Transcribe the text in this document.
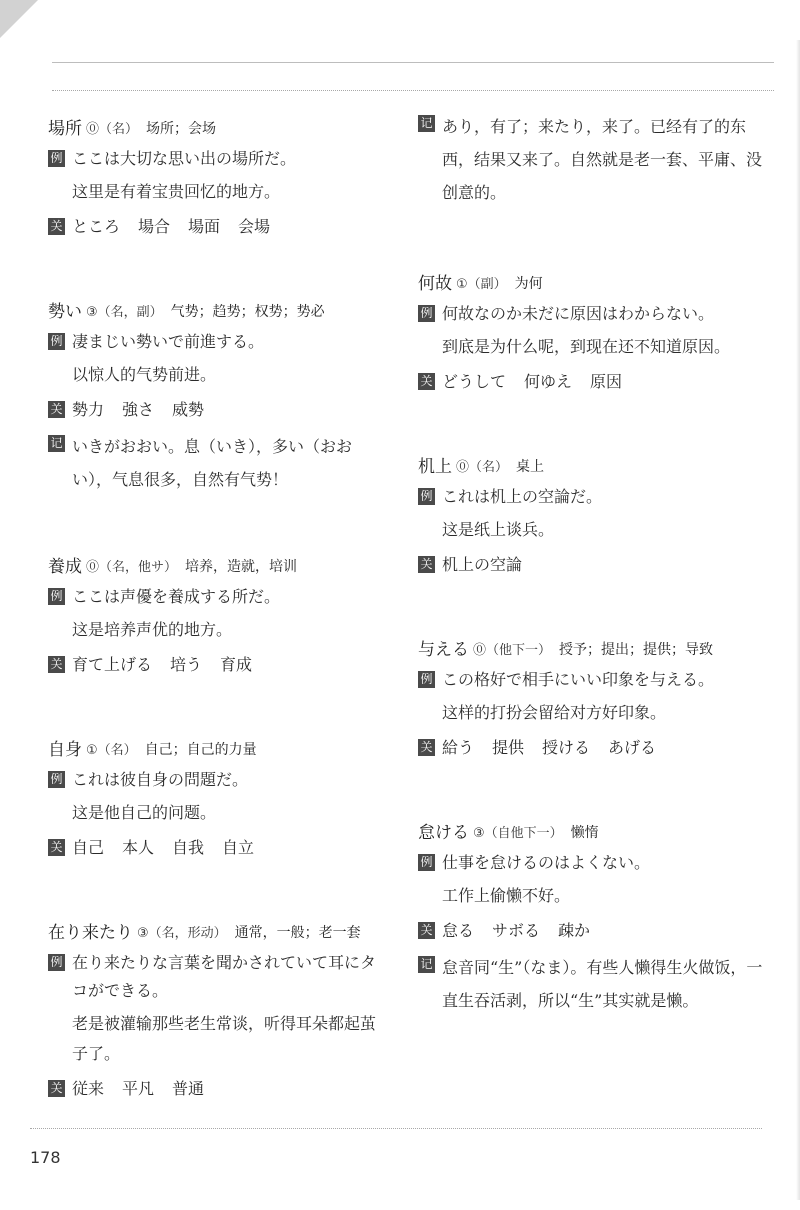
場所 ⓪（名） 场所；会场
例 ここは大切な思い出の場所だ。
这里是有着宝贵回忆的地方。
关 ところ 場合 場面 会場
勢い ③（名，副） 气势；趋势；权势；势必
例 凄まじい勢いで前進する。
以惊人的气势前进。
关 勢力 強さ 威勢
记 いきがおおい。息（いき），多い（おおい），气息很多，自然有气势！
養成 ⓪（名，他サ） 培养，造就，培训
例 ここは声優を養成する所だ。
这是培养声优的地方。
关 育て上げる 培う 育成
自身 ①（名） 自己；自己的力量
例 これは彼自身の問題だ。
这是他自己的问题。
关 自己 本人 自我 自立
在り来たり ③（名，形动） 通常，一般；老一套
例 在り来たりな言葉を聞かされていて耳にタコができる。
老是被灌输那些老生常谈，听得耳朵都起茧子了。
关 従来 平凡 普通
记 あり，有了；来たり，来了。已经有了的东西，结果又来了。自然就是老一套、平庸、没创意的。
何故 ①（副） 为何
例 何故なのか未だに原因はわからない。
到底是为什么呢，到现在还不知道原因。
关 どうして 何ゆえ 原因
机上 ⓪（名） 桌上
例 これは机上の空論だ。
这是纸上谈兵。
关 机上の空論
与える ⓪（他下一） 授予；提出；提供；导致
例 この格好で相手にいい印象を与える。
这样的打扮会留给对方好印象。
关 給う 提供 授ける あげる
怠ける ③（自他下一） 懒惰
例 仕事を怠けるのはよくない。
工作上偷懒不好。
关 怠る サボる 疎か
记 怠音同“生”（なま）。有些人懒得生火做饭，一直生吞活剥，所以“生”其实就是懒。
178
